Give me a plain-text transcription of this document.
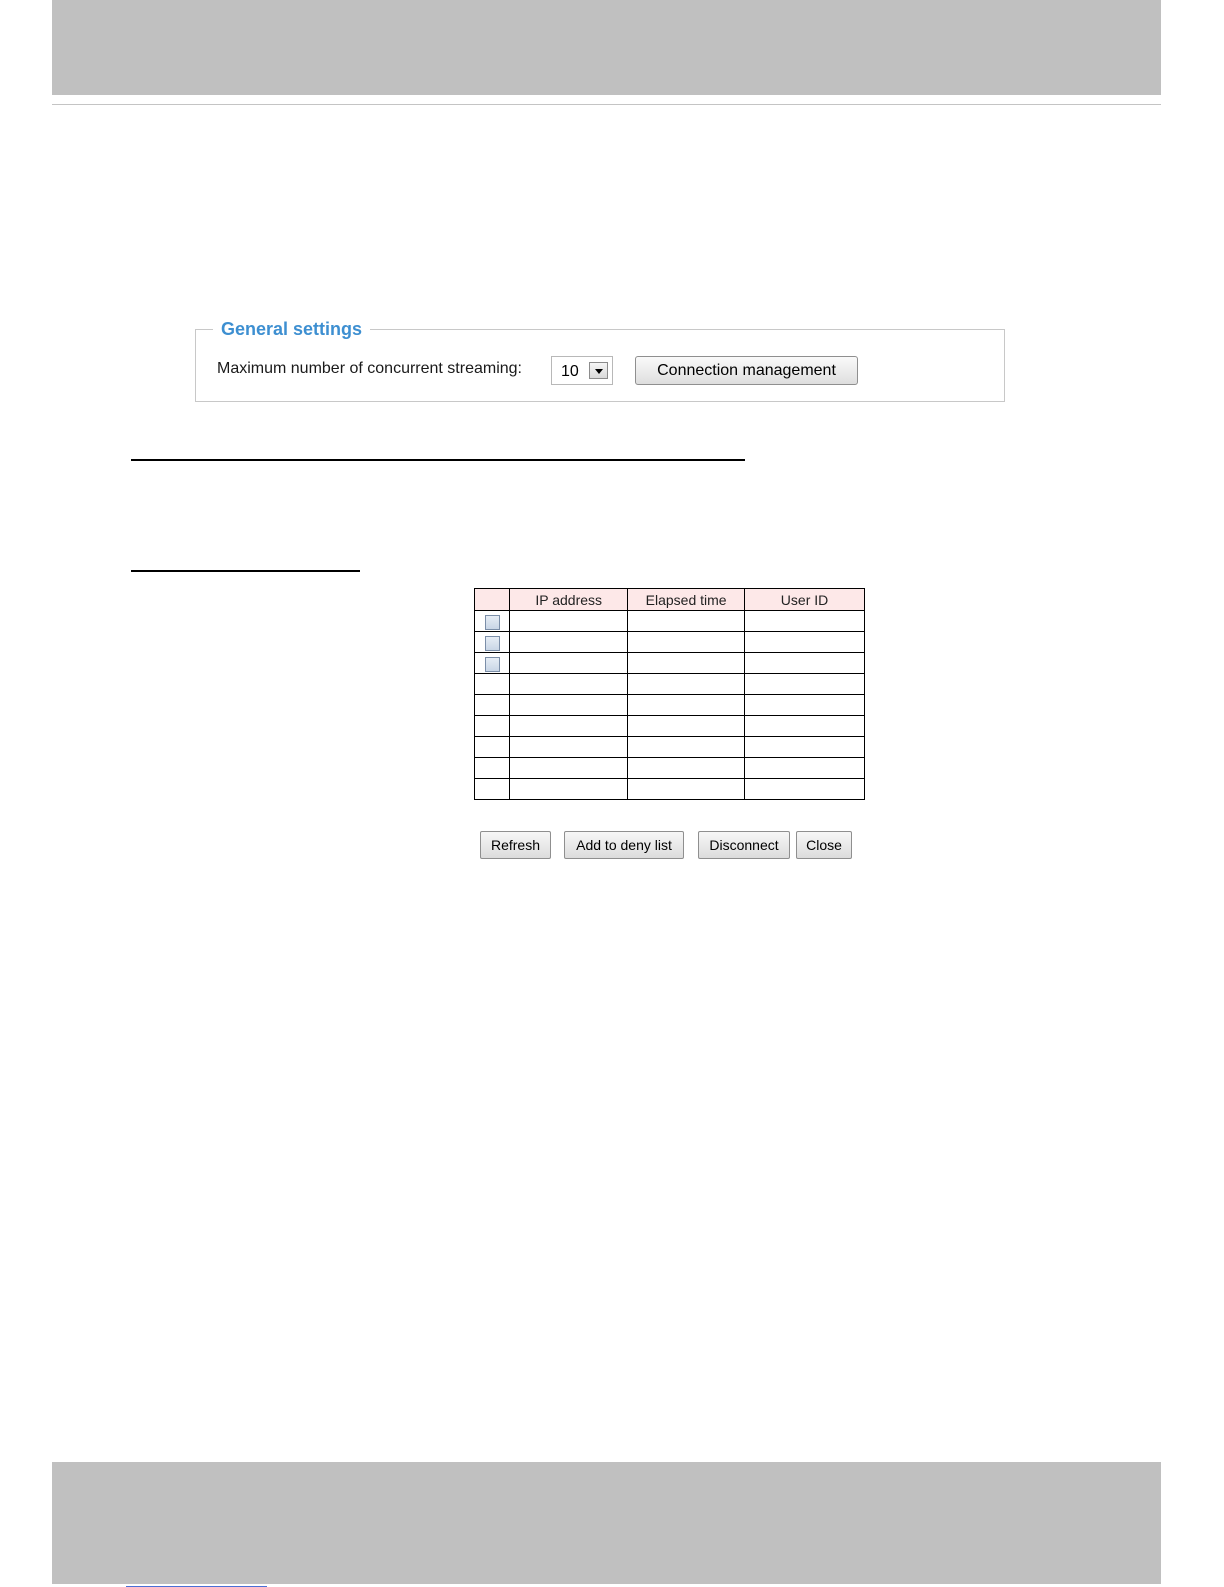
General settings
Maximum number of concurrent streaming: 10	Connection management
	IP address	Elapsed time	User ID

Refresh	Add to deny list	Disconnect	Close
